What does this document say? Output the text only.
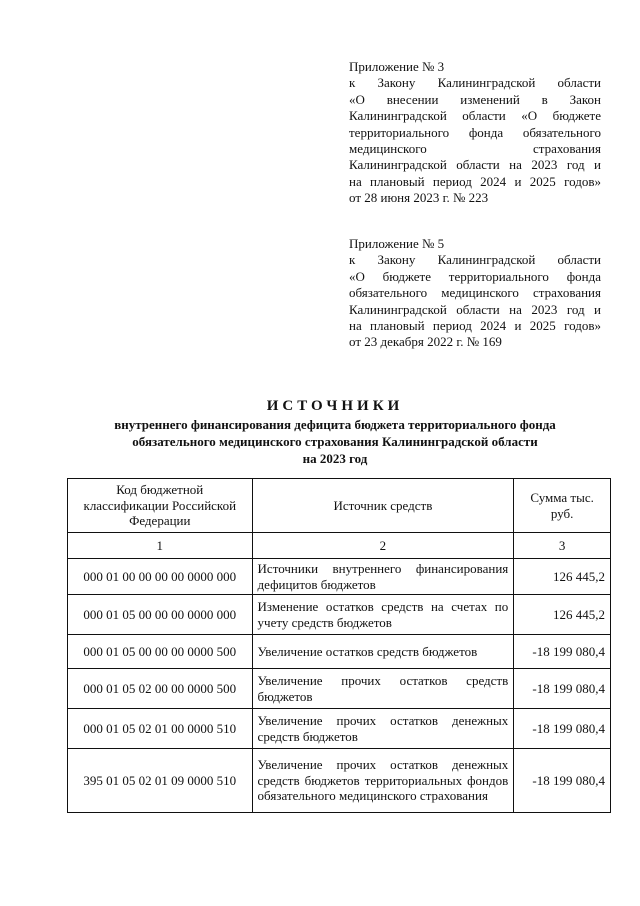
Приложение № 3
к Закону Калининградской области
«О внесении изменений в Закон
Калининградской области «О бюджете
территориального фонда обязательного
медицинского страхования
Калининградской области на 2023 год и
на плановый период 2024 и 2025 годов»
от 28 июня 2023 г. № 223
Приложение № 5
к Закону Калининградской области
«О бюджете территориального фонда
обязательного медицинского страхования
Калининградской области на 2023 год и
на плановый период 2024 и 2025 годов»
от 23 декабря 2022 г. № 169
ИСТОЧНИКИ
внутреннего финансирования дефицита бюджета территориального фонда
обязательного медицинского страхования Калининградской области
на 2023 год
Код бюджетной классификации Российской Федерации	Источник средств	Сумма тыс. руб.
1	2	3
000 01 00 00 00 00 0000 000	Источники внутреннего финансирования дефицитов бюджетов	126 445,2
000 01 05 00 00 00 0000 000	Изменение остатков средств на счетах по учету средств бюджетов	126 445,2
000 01 05 00 00 00 0000 500	Увеличение остатков средств бюджетов	-18 199 080,4
000 01 05 02 00 00 0000 500	Увеличение прочих остатков средств бюджетов	-18 199 080,4
000 01 05 02 01 00 0000 510	Увеличение прочих остатков денежных средств бюджетов	-18 199 080,4
395 01 05 02 01 09 0000 510	Увеличение прочих остатков денежных средств бюджетов территориальных фондов обязательного медицинского страхования	-18 199 080,4
